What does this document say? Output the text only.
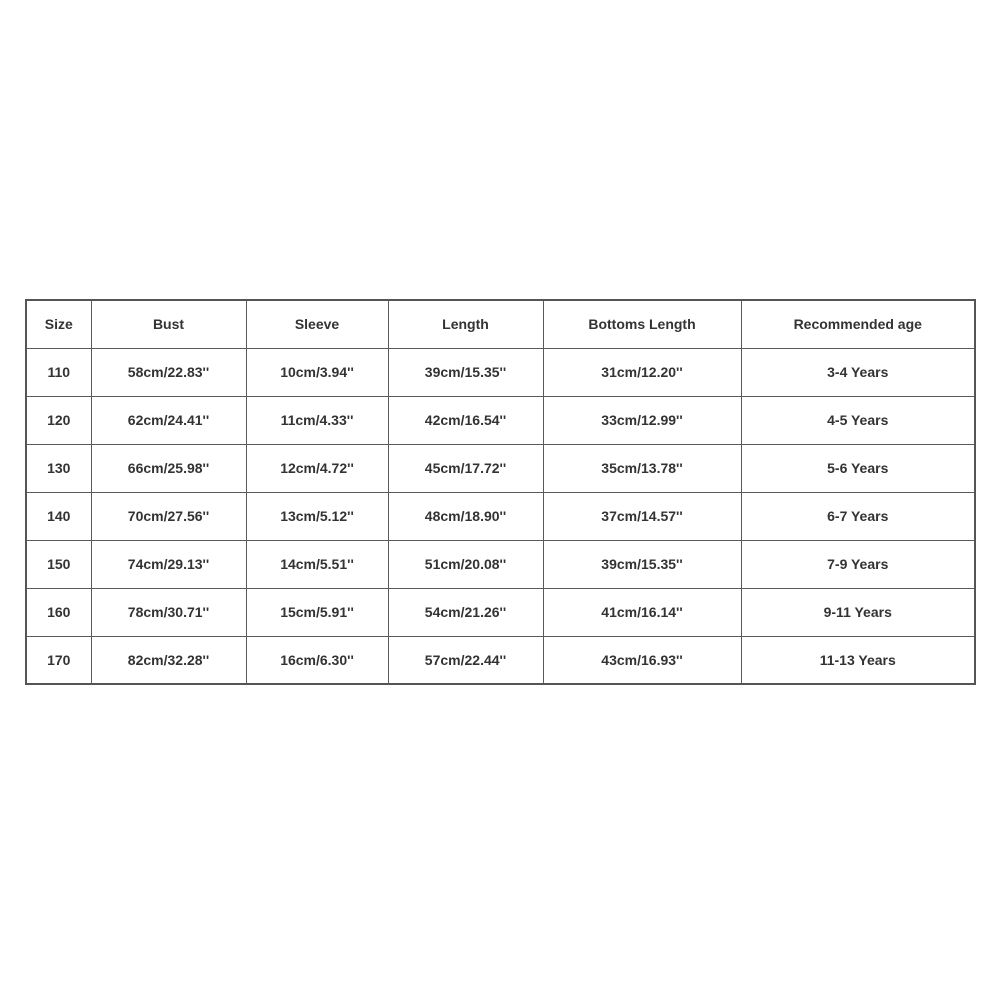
Size	Bust	Sleeve	Length	Bottoms Length	Recommended age
110	58cm/22.83''	10cm/3.94''	39cm/15.35''	31cm/12.20''	3-4 Years
120	62cm/24.41''	11cm/4.33''	42cm/16.54''	33cm/12.99''	4-5 Years
130	66cm/25.98''	12cm/4.72''	45cm/17.72''	35cm/13.78''	5-6 Years
140	70cm/27.56''	13cm/5.12''	48cm/18.90''	37cm/14.57''	6-7 Years
150	74cm/29.13''	14cm/5.51''	51cm/20.08''	39cm/15.35''	7-9 Years
160	78cm/30.71''	15cm/5.91''	54cm/21.26''	41cm/16.14''	9-11 Years
170	82cm/32.28''	16cm/6.30''	57cm/22.44''	43cm/16.93''	11-13 Years
